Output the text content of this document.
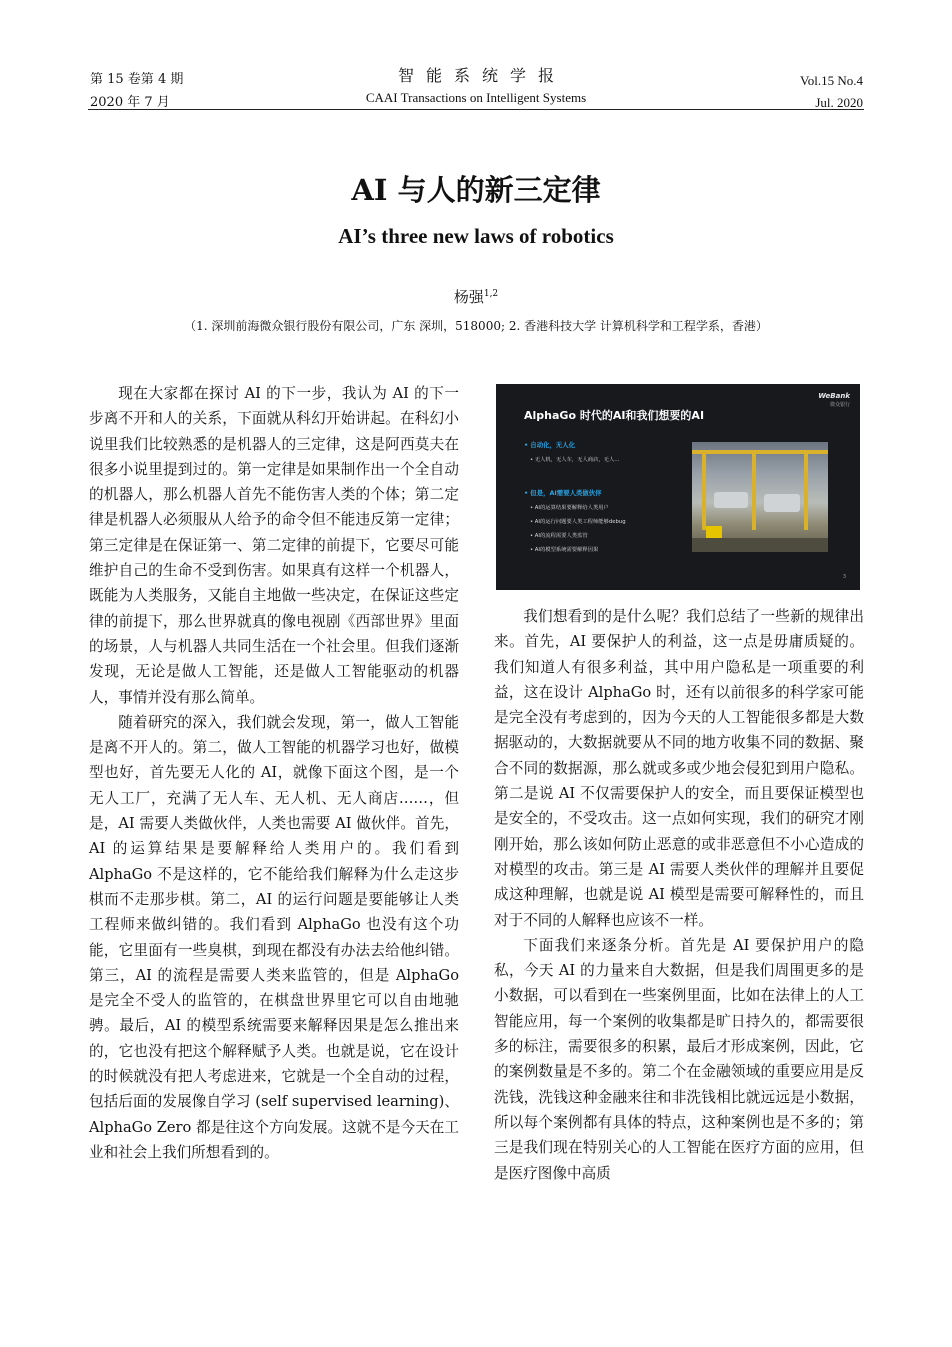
第 15 卷第 4 期
2020 年 7 月
智能系统学报
CAAI Transactions on Intelligent Systems
Vol.15 No.4
Jul. 2020
AI 与人的新三定律
AI’s three new laws of robotics
杨强$^{1,2}$
（1. 深圳前海微众银行股份有限公司，广东 深圳，518000; 2. 香港科技大学 计算机科学和工程学系，香港）

现在大家都在探讨 AI 的下一步，我认为 AI 的下一步离不开和人的关系，下面就从科幻开始讲起。在科幻小说里我们比较熟悉的是机器人的三定律，这是阿西莫夫在很多小说里提到过的。第一定律是如果制作出一个全自动的机器人，那么机器人首先不能伤害人类的个体；第二定律是机器人必须服从人给予的命令但不能违反第一定律；第三定律是在保证第一、第二定律的前提下，它要尽可能维护自己的生命不受到伤害。如果真有这样一个机器人，既能为人类服务，又能自主地做一些决定，在保证这些定律的前提下，那么世界就真的像电视剧《西部世界》里面的场景，人与机器人共同生活在一个社会里。但我们逐渐发现，无论是做人工智能，还是做人工智能驱动的机器人，事情并没有那么简单。

随着研究的深入，我们就会发现，第一，做人工智能是离不开人的。第二，做人工智能的机器学习也好，做模型也好，首先要无人化的 AI，就像下面这个图，是一个无人工厂，充满了无人车、无人机、无人商店……，但是，AI 需要人类做伙伴，人类也需要 AI 做伙伴。首先，AI 的运算结果是要解释给人类用户的。我们看到 AlphaGo 不是这样的，它不能给我们解释为什么走这步棋而不走那步棋。第二，AI 的运行问题是要能够让人类工程师来做纠错的。我们看到 AlphaGo 也没有这个功能，它里面有一些臭棋，到现在都没有办法去给他纠错。第三，AI 的流程是需要人类来监管的，但是 AlphaGo 是完全不受人的监管的，在棋盘世界里它可以自由地驰骋。最后，AI 的模型系统需要来解释因果是怎么推出来的，它也没有把这个解释赋予人类。也就是说，它在设计的时候就没有把人考虑进来，它就是一个全自动的过程，包括后面的发展像自学习 (self supervised learning)、AlphaGo Zero 都是往这个方向发展。这就不是今天在工业和社会上我们所想看到的。

WeBank
微众银行
AlphaGo 时代的AI和我们想要的AI
• 自动化，无人化
• 无人机，无人车，无人商店，无人…
• 但是，AI需要人类做伙伴
• AI的运算结果要解释给人类用户
• AI的运行问题要人类工程师能够debug
• AI的流程需要人类监管
• AI的模型系统需要解释因果
3

我们想看到的是什么呢？我们总结了一些新的规律出来。首先，AI 要保护人的利益，这一点是毋庸质疑的。我们知道人有很多利益，其中用户隐私是一项重要的利益，这在设计 AlphaGo 时，还有以前很多的科学家可能是完全没有考虑到的，因为今天的人工智能很多都是大数据驱动的，大数据就要从不同的地方收集不同的数据、聚合不同的数据源，那么就或多或少地会侵犯到用户隐私。第二是说 AI 不仅需要保护人的安全，而且要保证模型也是安全的，不受攻击。这一点如何实现，我们的研究才刚刚开始，那么该如何防止恶意的或非恶意但不小心造成的对模型的攻击。第三是 AI 需要人类伙伴的理解并且要促成这种理解，也就是说 AI 模型是需要可解释性的，而且对于不同的人解释也应该不一样。

下面我们来逐条分析。首先是 AI 要保护用户的隐私，今天 AI 的力量来自大数据，但是我们周围更多的是小数据，可以看到在一些案例里面，比如在法律上的人工智能应用，每一个案例的收集都是旷日持久的，都需要很多的标注，需要很多的积累，最后才形成案例，因此，它的案例数量是不多的。第二个在金融领域的重要应用是反洗钱，洗钱这种金融来往和非洗钱相比就远远是小数据，所以每个案例都有具体的特点，这种案例也是不多的；第三是我们现在特别关心的人工智能在医疗方面的应用，但是医疗图像中高质
